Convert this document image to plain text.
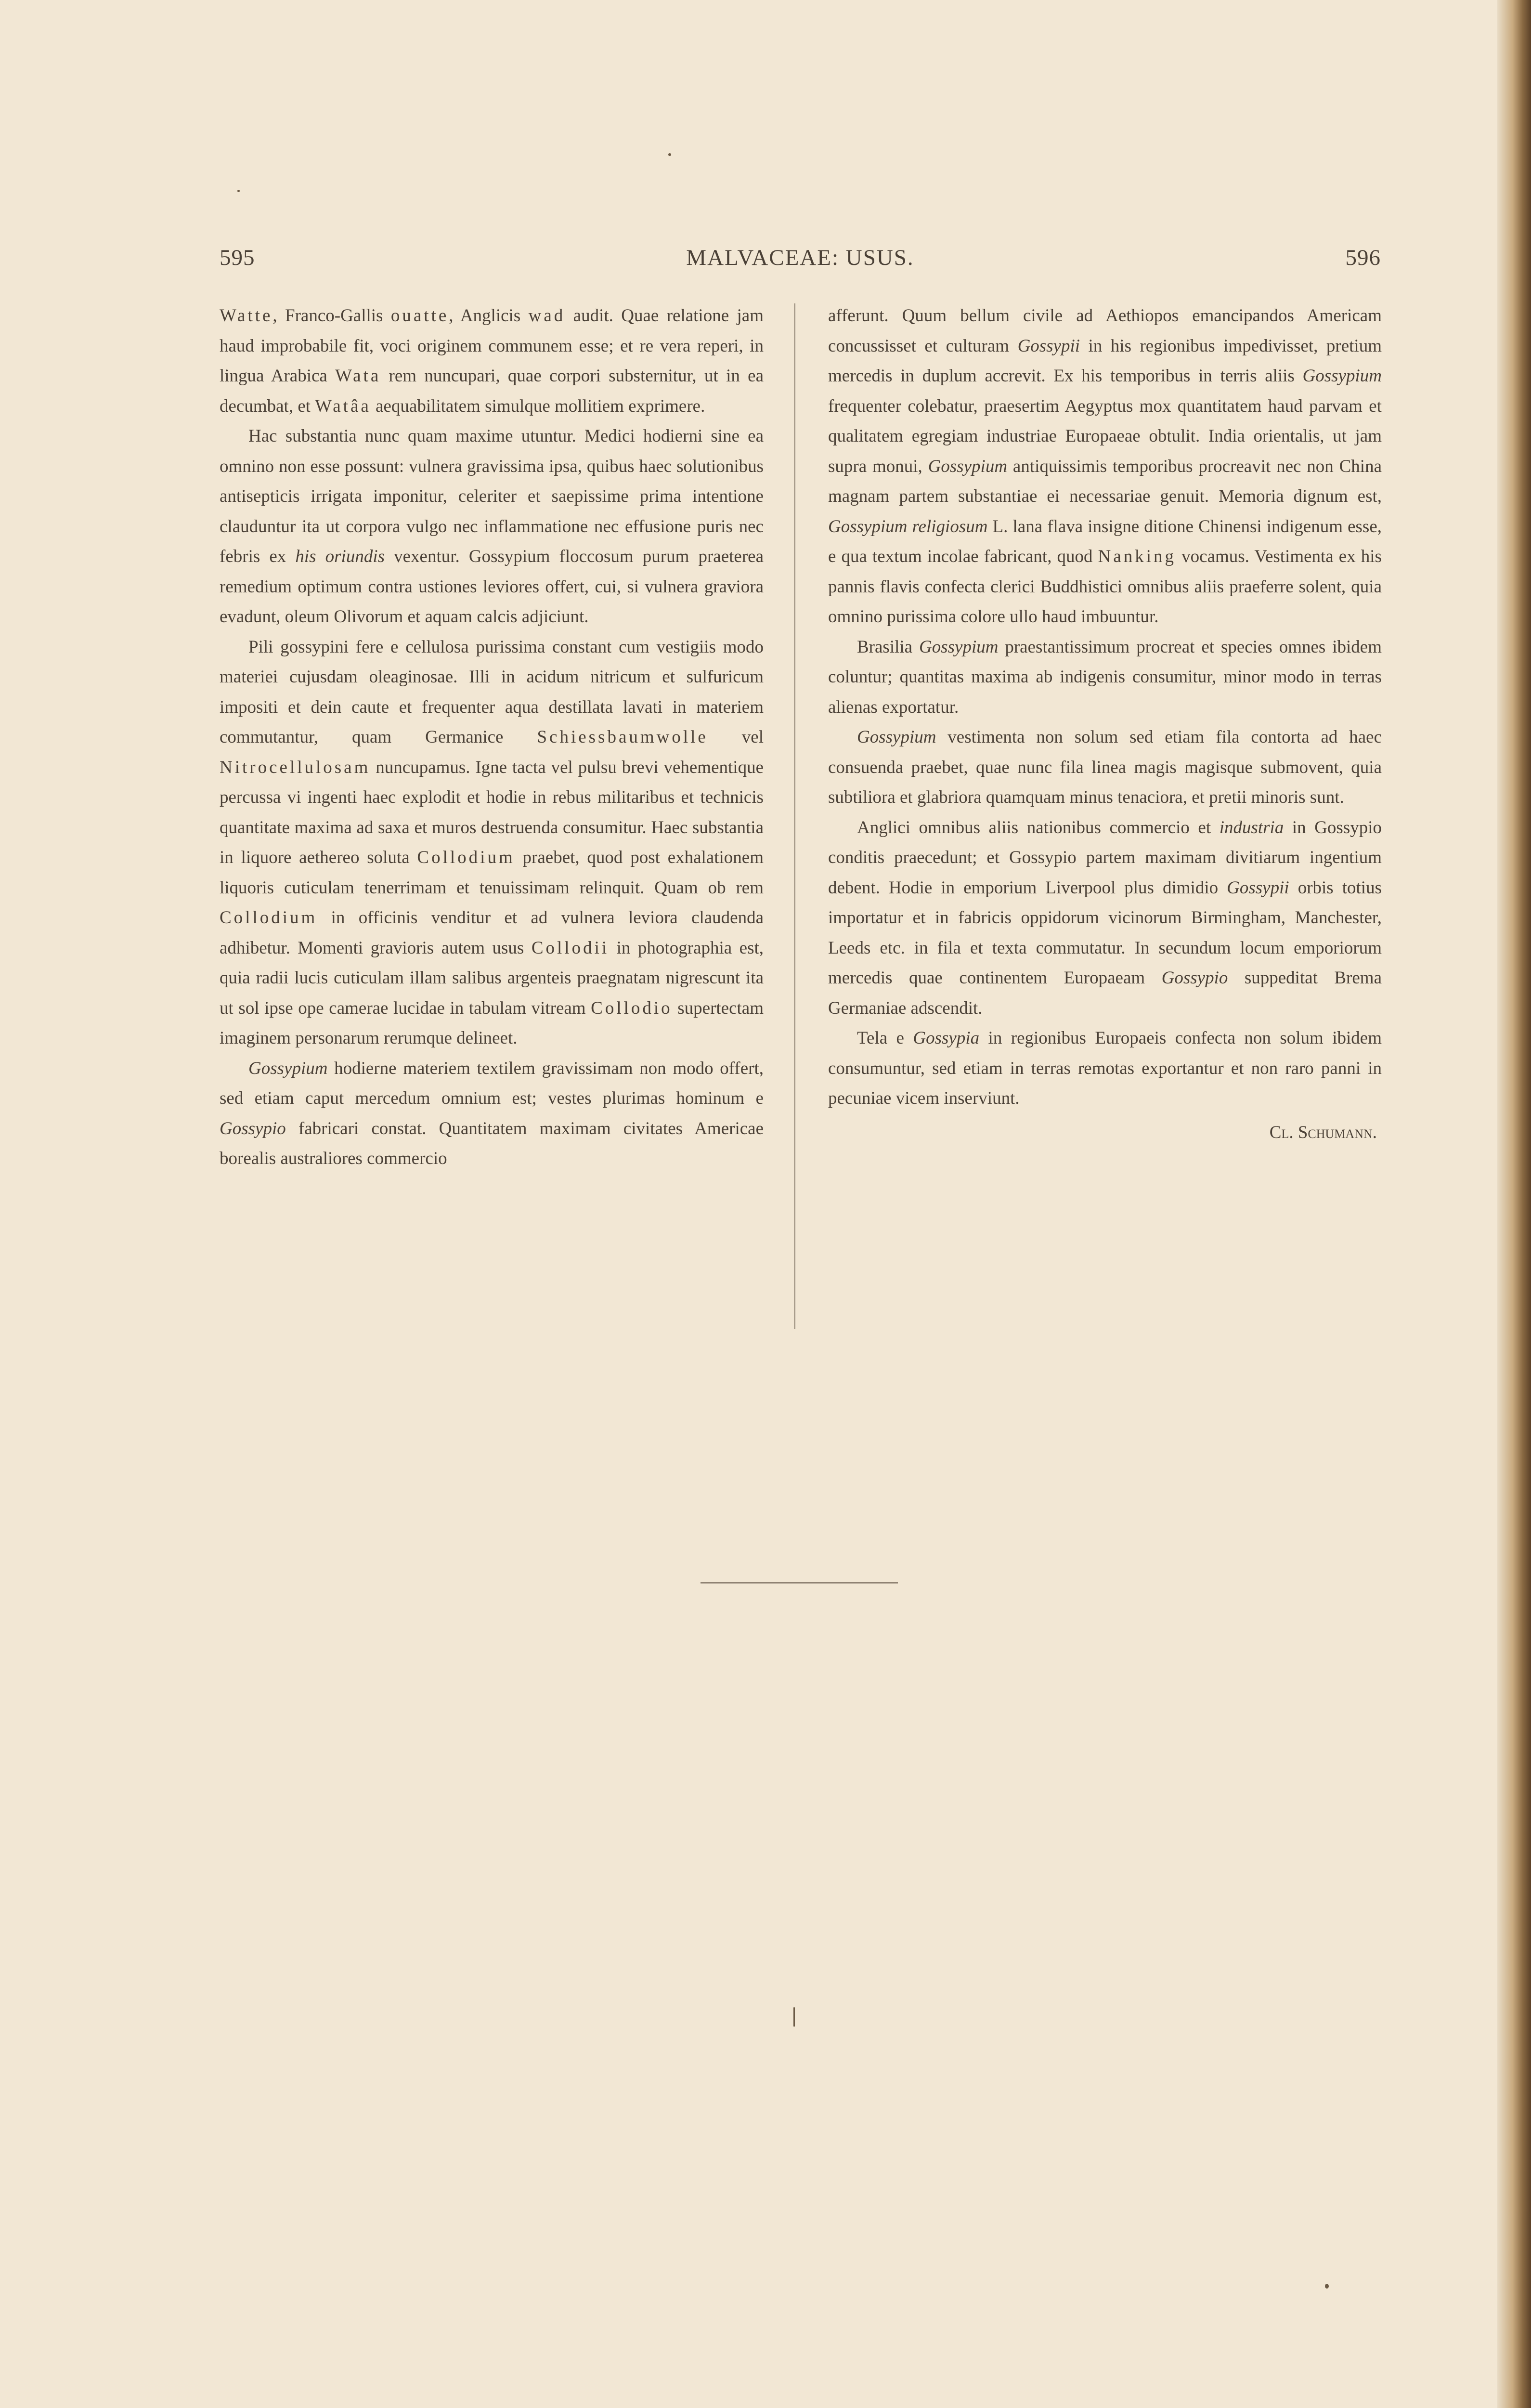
595	MALVACEAE: USUS.	596

Watte, Franco-Gallis ouatte, Anglicis wad audit. Quae relatione jam haud improbabile fit, voci originem communem esse; et re vera reperi, in lingua Arabica Wata rem nuncupari, quae corpori substernitur, ut in ea decumbat, et Watâa aequabilitatem simulque mollitiem exprimere.

Hac substantia nunc quam maxime utuntur. Medici hodierni sine ea omnino non esse possunt: vulnera gravissima ipsa, quibus haec solutionibus antisepticis irrigata imponitur, celeriter et saepissime prima intentione clauduntur ita ut corpora vulgo nec inflammatione nec effusione puris nec febris ex his oriundis vexentur. Gossypium floccosum purum praeterea remedium optimum contra ustiones leviores offert, cui, si vulnera graviora evadunt, oleum Olivorum et aquam calcis adjiciunt.

Pili gossypini fere e cellulosa purissima constant cum vestigiis modo materiei cujusdam oleaginosae. Illi in acidum nitricum et sulfuricum impositi et dein caute et frequenter aqua destillata lavati in materiem commutantur, quam Germanice Schiessbaumwolle vel Nitrocellulosam nuncupamus. Igne tacta vel pulsu brevi vehementique percussa vi ingenti haec explodit et hodie in rebus militaribus et technicis quantitate maxima ad saxa et muros destruenda consumitur. Haec substantia in liquore aethereo soluta Collodium praebet, quod post exhalationem liquoris cuticulam tenerrimam et tenuissimam relinquit. Quam ob rem Collodium in officinis venditur et ad vulnera leviora claudenda adhibetur. Momenti gravioris autem usus Collodii in photographia est, quia radii lucis cuticulam illam salibus argenteis praegnatam nigrescunt ita ut sol ipse ope camerae lucidae in tabulam vitream Collodio supertectam imaginem personarum rerumque delineet.

Gossypium hodierne materiem textilem gravissimam non modo offert, sed etiam caput mercedum omnium est; vestes plurimas hominum e Gossypio fabricari constat. Quantitatem maximam civitates Americae borealis australiores commercio

afferunt. Quum bellum civile ad Aethiopos emancipandos Americam concussisset et culturam Gossypii in his regionibus impedivisset, pretium mercedis in duplum accrevit. Ex his temporibus in terris aliis Gossypium frequenter colebatur, praesertim Aegyptus mox quantitatem haud parvam et qualitatem egregiam industriae Europaeae obtulit. India orientalis, ut jam supra monui, Gossypium antiquissimis temporibus procreavit nec non China magnam partem substantiae ei necessariae genuit. Memoria dignum est, Gossypium religiosum L. lana flava insigne ditione Chinensi indigenum esse, e qua textum incolae fabricant, quod Nanking vocamus. Vestimenta ex his pannis flavis confecta clerici Buddhistici omnibus aliis praeferre solent, quia omnino purissima colore ullo haud imbuuntur.

Brasilia Gossypium praestantissimum procreat et species omnes ibidem coluntur; quantitas maxima ab indigenis consumitur, minor modo in terras alienas exportatur.

Gossypium vestimenta non solum sed etiam fila contorta ad haec consuenda praebet, quae nunc fila linea magis magisque submovent, quia subtiliora et glabriora quamquam minus tenaciora, et pretii minoris sunt.

Anglici omnibus aliis nationibus commercio et industria in Gossypio conditis praecedunt; et Gossypio partem maximam divitiarum ingentium debent. Hodie in emporium Liverpool plus dimidio Gossypii orbis totius importatur et in fabricis oppidorum vicinorum Birmingham, Manchester, Leeds etc. in fila et texta commutatur. In secundum locum emporiorum mercedis quae continentem Europaeam Gossypio suppeditat Brema Germaniae adscendit.

Tela e Gossypia in regionibus Europaeis confecta non solum ibidem consumuntur, sed etiam in terras remotas exportantur et non raro panni in pecuniae vicem inserviunt.

Cl. Schumann.
